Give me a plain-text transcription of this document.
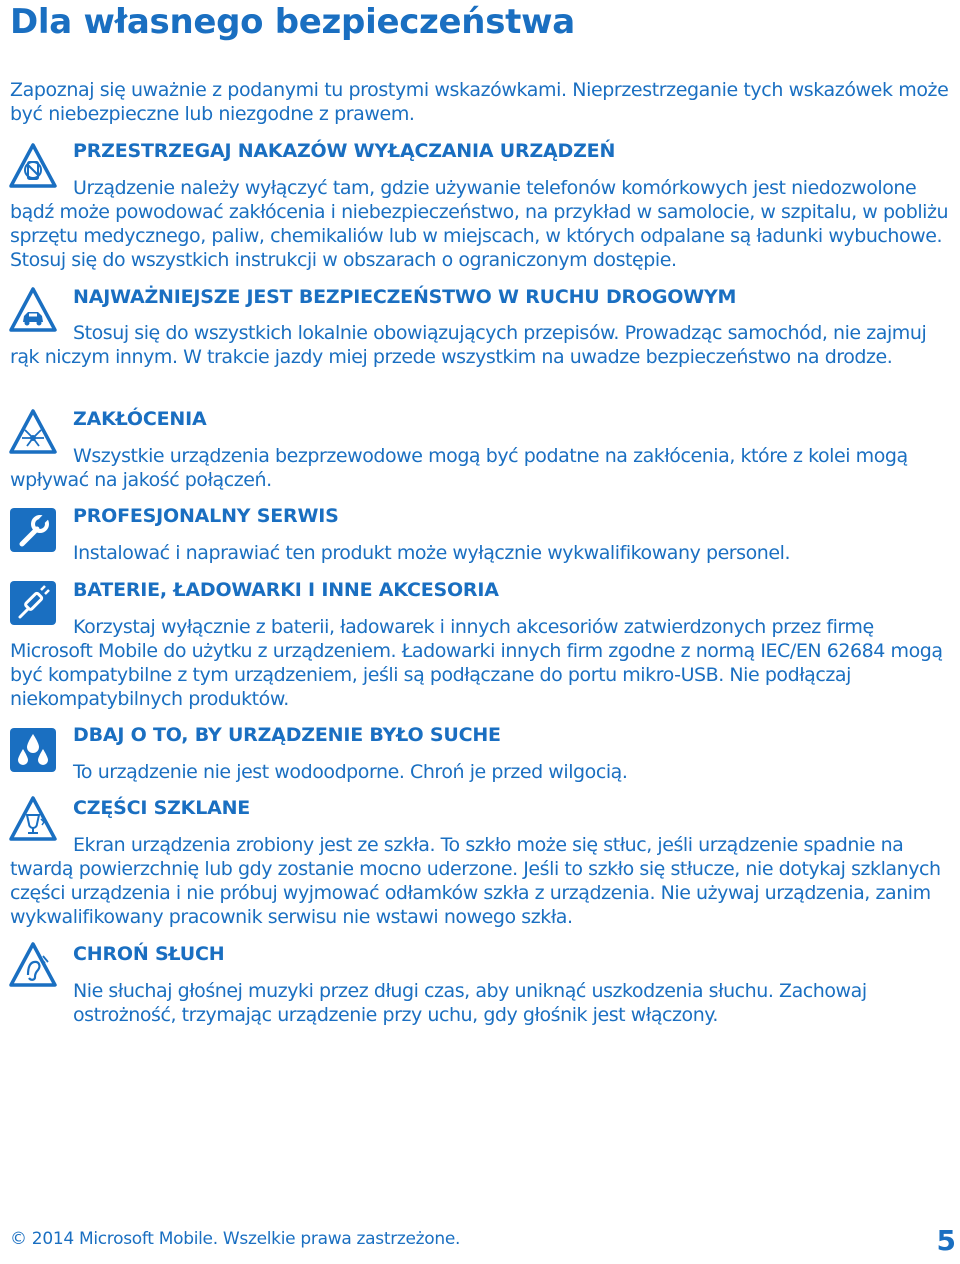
Dla własnego bezpieczeństwa
Zapoznaj się uważnie z podanymi tu prostymi wskazówkami. Nieprzestrzeganie tych wskazówek może być niebezpieczne lub niezgodne z prawem.
PRZESTRZEGAJ NAKAZÓW WYŁĄCZANIA URZĄDZEŃ
Urządzenie należy wyłączyć tam, gdzie używanie telefonów komórkowych jest niedozwolone bądź może powodować zakłócenia i niebezpieczeństwo, na przykład w samolocie, w szpitalu, w pobliżu sprzętu medycznego, paliw, chemikaliów lub w miejscach, w których odpalane są ładunki wybuchowe. Stosuj się do wszystkich instrukcji w obszarach o ograniczonym dostępie.
NAJWAŻNIEJSZE JEST BEZPIECZEŃSTWO W RUCHU DROGOWYM
Stosuj się do wszystkich lokalnie obowiązujących przepisów. Prowadząc samochód, nie zajmuj rąk niczym innym. W trakcie jazdy miej przede wszystkim na uwadze bezpieczeństwo na drodze.
ZAKŁÓCENIA
Wszystkie urządzenia bezprzewodowe mogą być podatne na zakłócenia, które z kolei mogą wpływać na jakość połączeń.
PROFESJONALNY SERWIS
Instalować i naprawiać ten produkt może wyłącznie wykwalifikowany personel.
BATERIE, ŁADOWARKI I INNE AKCESORIA
Korzystaj wyłącznie z baterii, ładowarek i innych akcesoriów zatwierdzonych przez firmę Microsoft Mobile do użytku z urządzeniem. Ładowarki innych firm zgodne z normą IEC/EN 62684 mogą być kompatybilne z tym urządzeniem, jeśli są podłączane do portu mikro-USB. Nie podłączaj niekompatybilnych produktów.
DBAJ O TO, BY URZĄDZENIE BYŁO SUCHE
To urządzenie nie jest wodoodporne. Chroń je przed wilgocią.
CZĘŚCI SZKLANE
Ekran urządzenia zrobiony jest ze szkła. To szkło może się stłuc, jeśli urządzenie spadnie na twardą powierzchnię lub gdy zostanie mocno uderzone. Jeśli to szkło się stłucze, nie dotykaj szklanych części urządzenia i nie próbuj wyjmować odłamków szkła z urządzenia. Nie używaj urządzenia, zanim wykwalifikowany pracownik serwisu nie wstawi nowego szkła.
CHROŃ SŁUCH
Nie słuchaj głośnej muzyki przez długi czas, aby uniknąć uszkodzenia słuchu. Zachowaj ostrożność, trzymając urządzenie przy uchu, gdy głośnik jest włączony.
© 2014 Microsoft Mobile. Wszelkie prawa zastrzeżone.	5
